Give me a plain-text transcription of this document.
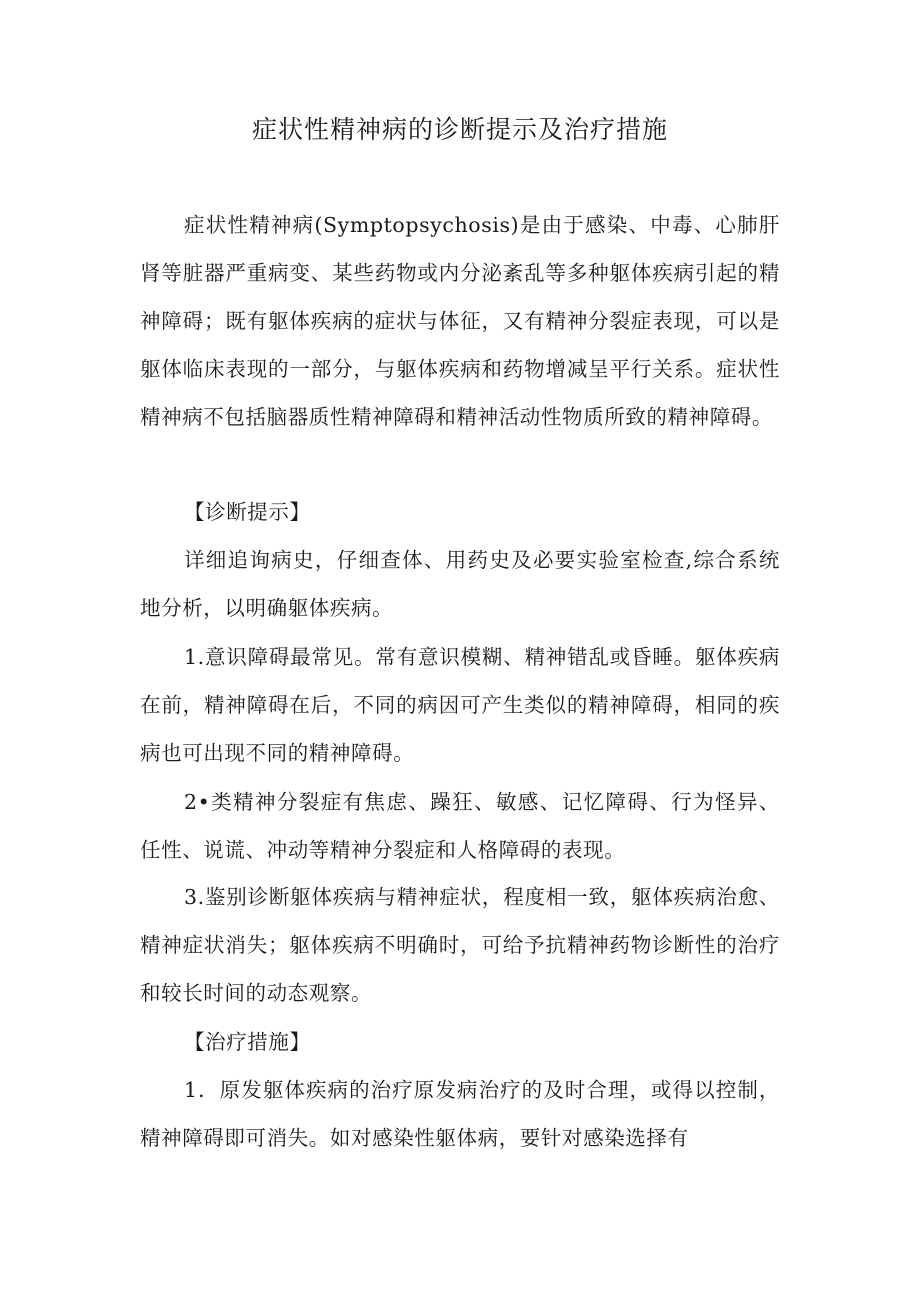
症状性精神病的诊断提示及治疗措施

症状性精神病(Symptopsychosis)是由于感染、中毒、心肺肝肾等脏器严重病变、某些药物或内分泌紊乱等多种躯体疾病引起的精神障碍；既有躯体疾病的症状与体征，又有精神分裂症表现，可以是躯体临床表现的一部分，与躯体疾病和药物增减呈平行关系。症状性精神病不包括脑器质性精神障碍和精神活动性物质所致的精神障碍。

【诊断提示】

详细追询病史，仔细查体、用药史及必要实验室检查,综合系统地分析，以明确躯体疾病。

1.意识障碍最常见。常有意识模糊、精神错乱或昏睡。躯体疾病在前，精神障碍在后，不同的病因可产生类似的精神障碍，相同的疾病也可出现不同的精神障碍。

2•类精神分裂症有焦虑、躁狂、敏感、记忆障碍、行为怪异、任性、说谎、冲动等精神分裂症和人格障碍的表现。

3.鉴别诊断躯体疾病与精神症状，程度相一致，躯体疾病治愈、精神症状消失；躯体疾病不明确时，可给予抗精神药物诊断性的治疗和较长时间的动态观察。

【治疗措施】

1．原发躯体疾病的治疗原发病治疗的及时合理，或得以控制，精神障碍即可消失。如对感染性躯体病，要针对感染选择有
